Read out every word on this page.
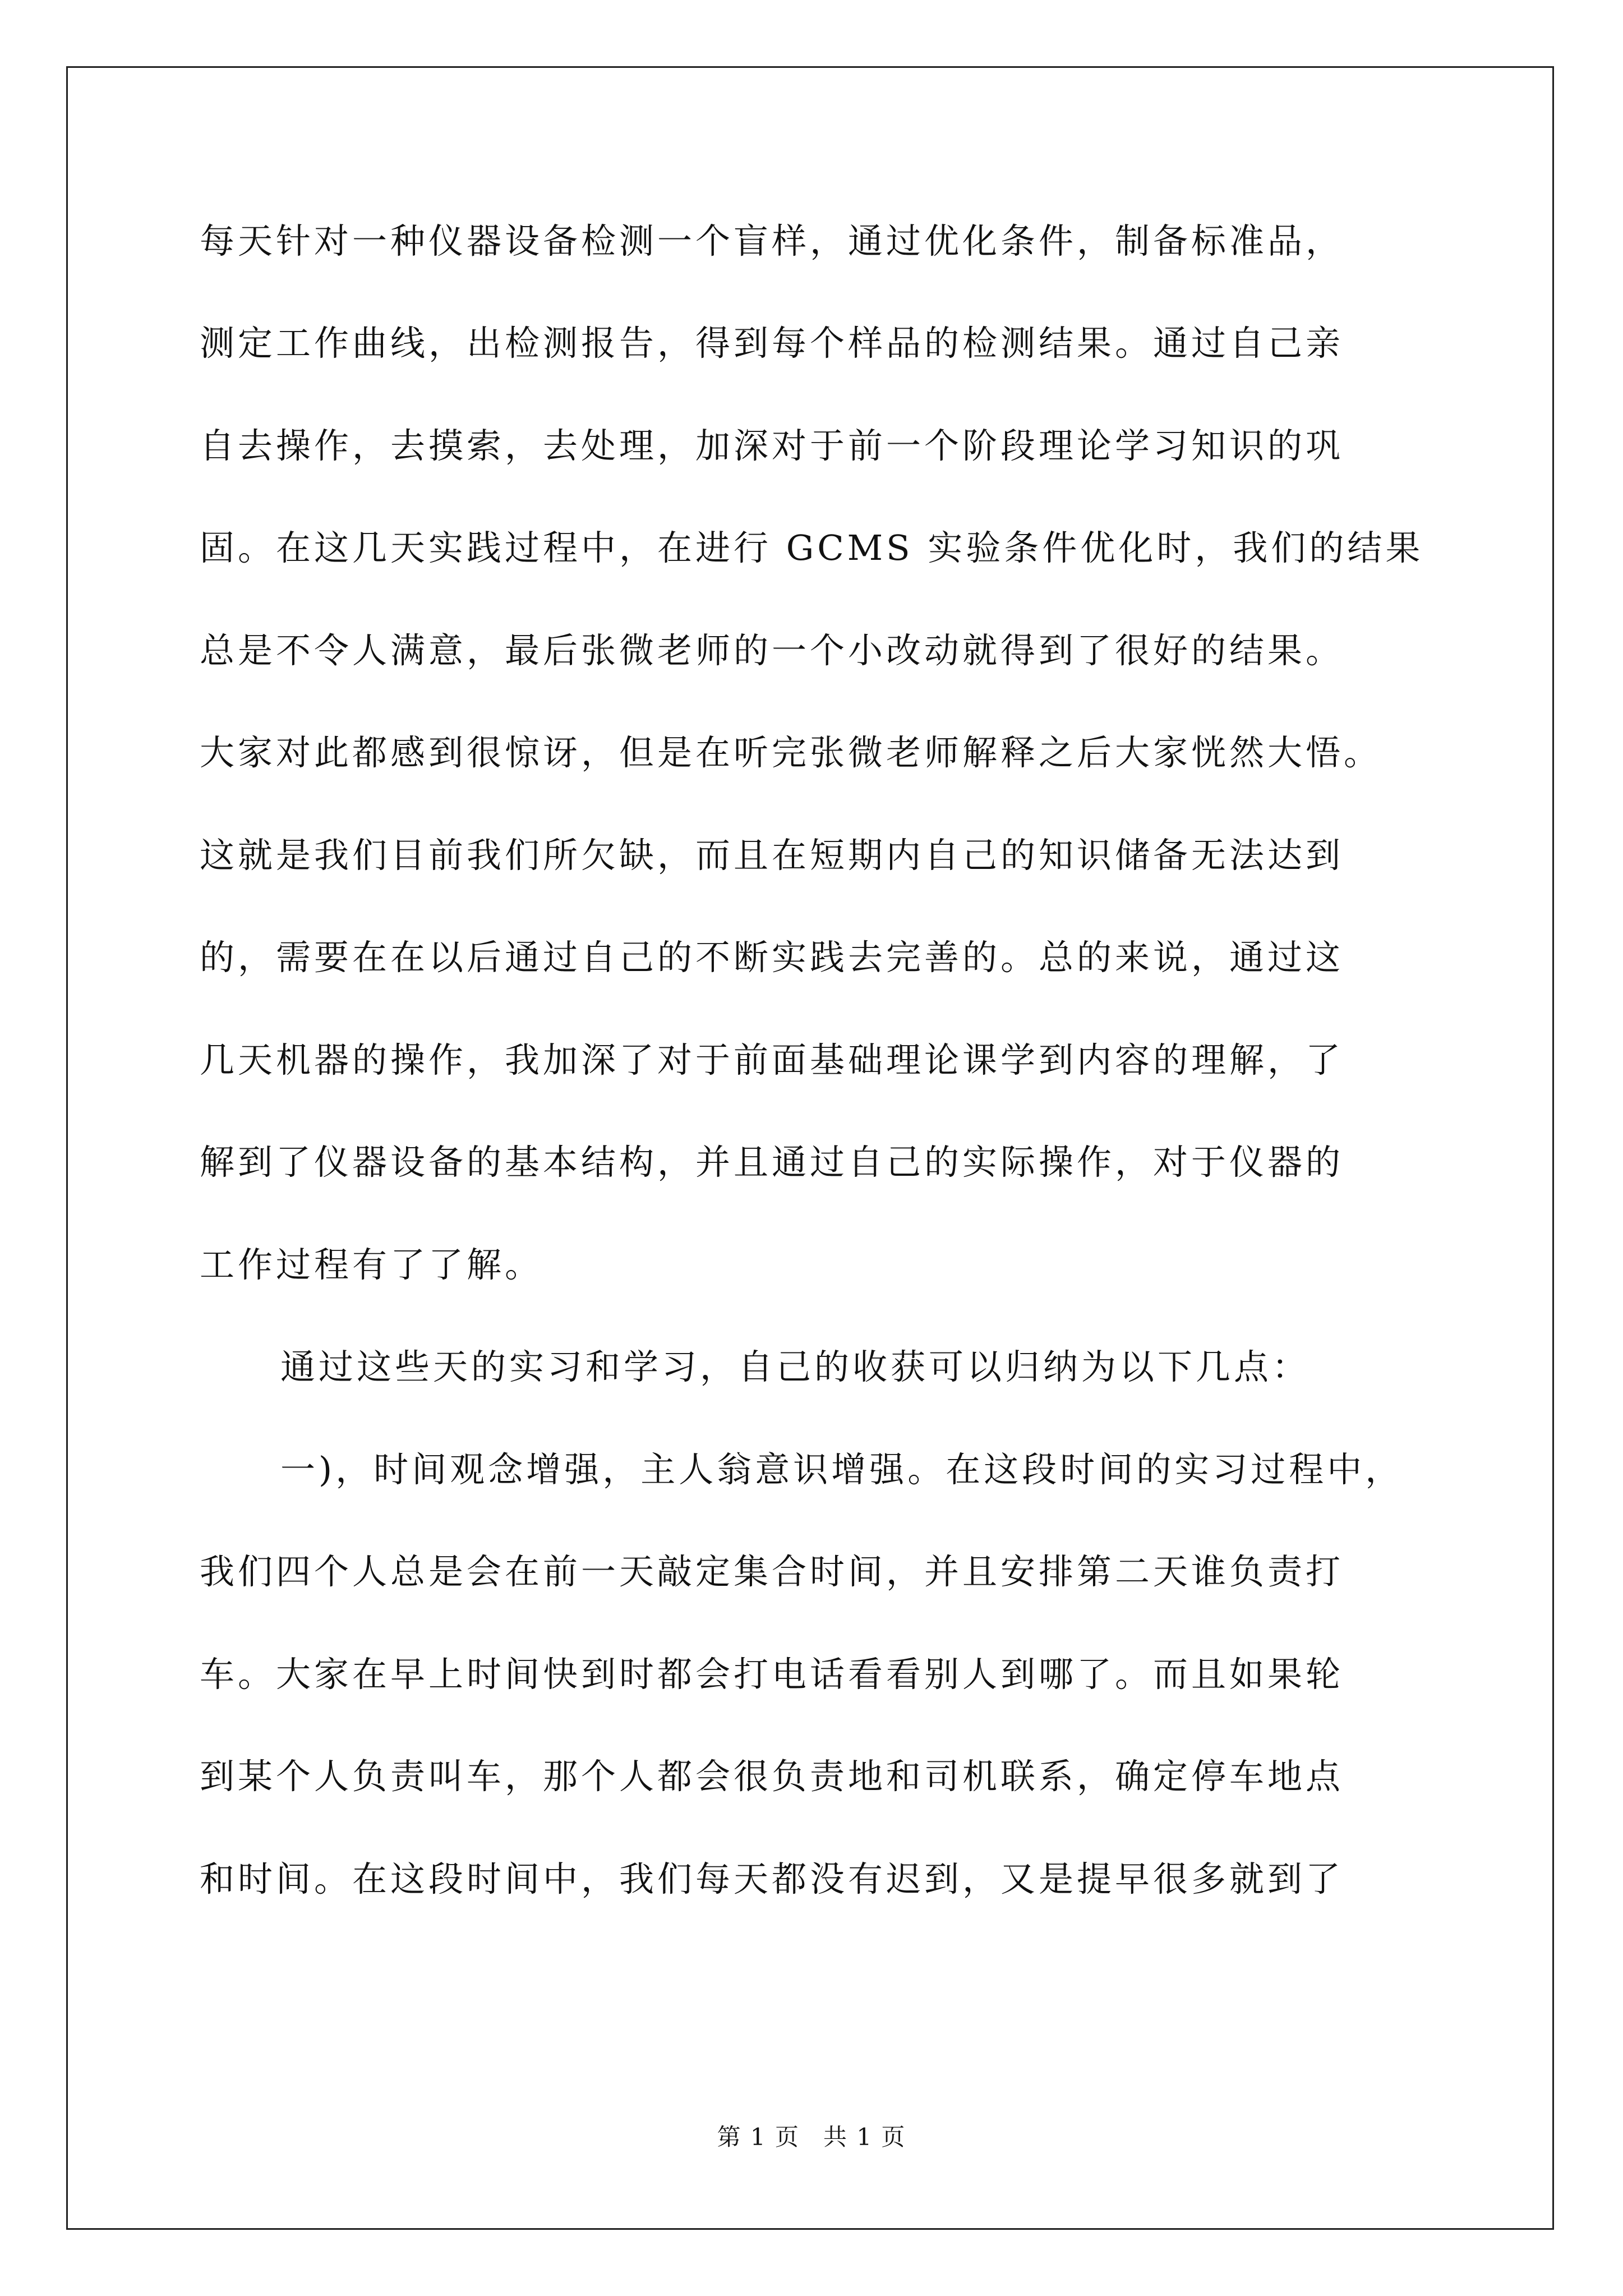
每天针对一种仪器设备检测一个盲样，通过优化条件，制备标准品，
测定工作曲线，出检测报告，得到每个样品的检测结果。通过自己亲
自去操作，去摸索，去处理，加深对于前一个阶段理论学习知识的巩
固。在这几天实践过程中，在进行 GCMS 实验条件优化时，我们的结果
总是不令人满意，最后张微老师的一个小改动就得到了很好的结果。
大家对此都感到很惊讶，但是在听完张微老师解释之后大家恍然大悟。
这就是我们目前我们所欠缺，而且在短期内自己的知识储备无法达到
的，需要在在以后通过自己的不断实践去完善的。总的来说，通过这
几天机器的操作，我加深了对于前面基础理论课学到内容的理解，了
解到了仪器设备的基本结构，并且通过自己的实际操作，对于仪器的
工作过程有了了解。
通过这些天的实习和学习，自己的收获可以归纳为以下几点：
一)，时间观念增强，主人翁意识增强。在这段时间的实习过程中，
我们四个人总是会在前一天敲定集合时间，并且安排第二天谁负责打
车。大家在早上时间快到时都会打电话看看别人到哪了。而且如果轮
到某个人负责叫车，那个人都会很负责地和司机联系，确定停车地点
和时间。在这段时间中，我们每天都没有迟到，又是提早很多就到了
第 1 页 共 1 页
